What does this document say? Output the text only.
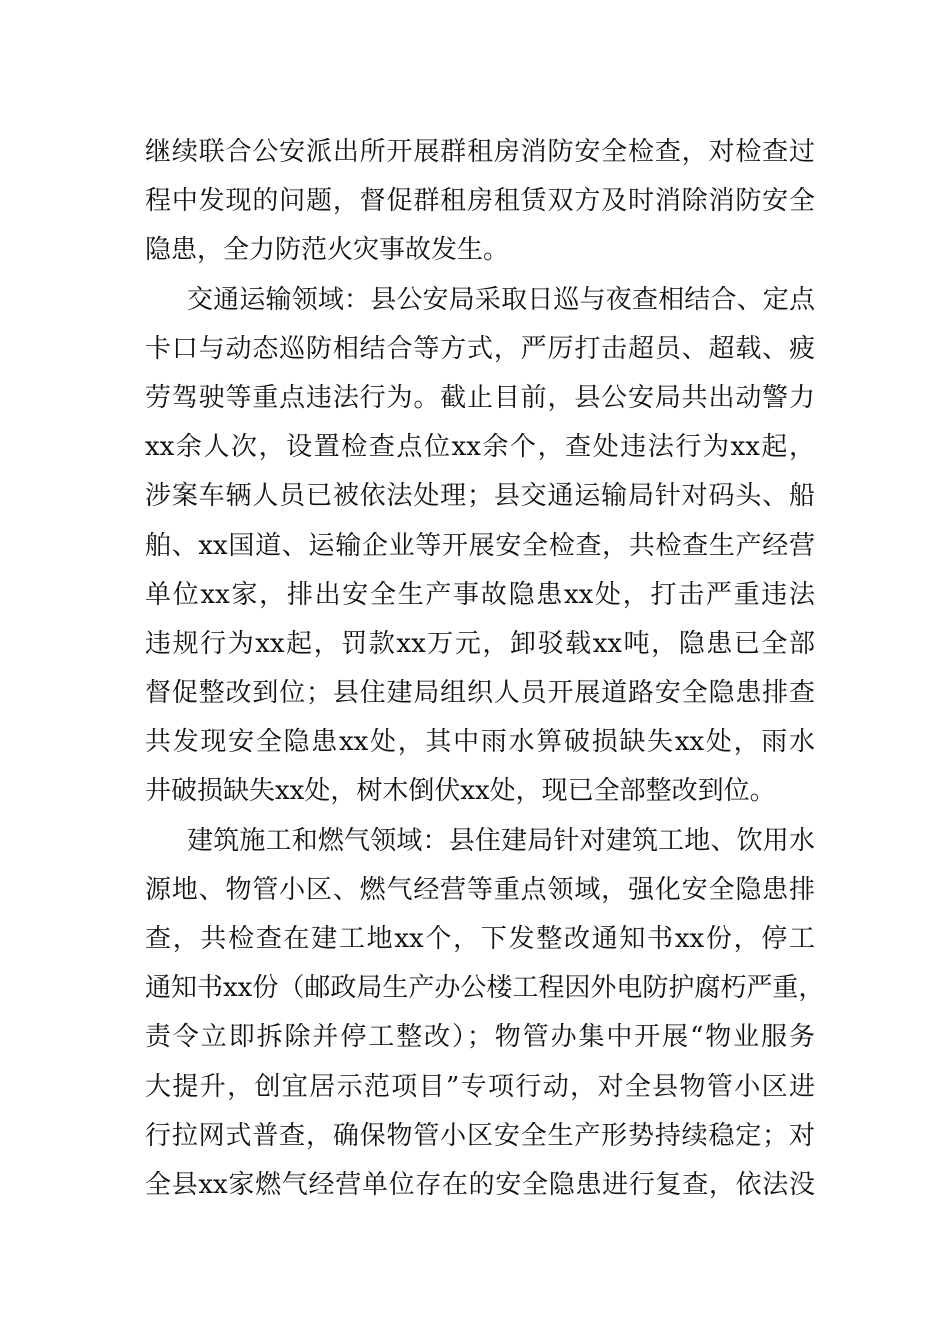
继续联合公安派出所开展群租房消防安全检查，对检查过
程中发现的问题，督促群租房租赁双方及时消除消防安全
隐患，全力防范火灾事故发生。
交通运输领域：县公安局采取日巡与夜查相结合、定点
卡口与动态巡防相结合等方式，严厉打击超员、超载、疲
劳驾驶等重点违法行为。截止目前，县公安局共出动警力
xx余人次，设置检查点位xx余个，查处违法行为xx起，
涉案车辆人员已被依法处理；县交通运输局针对码头、船
舶、xx国道、运输企业等开展安全检查，共检查生产经营
单位xx家，排出安全生产事故隐患xx处，打击严重违法
违规行为xx起，罚款xx万元，卸驳载xx吨，隐患已全部
督促整改到位；县住建局组织人员开展道路安全隐患排查
共发现安全隐患xx处，其中雨水箅破损缺失xx处，雨水
井破损缺失xx处，树木倒伏xx处，现已全部整改到位。
建筑施工和燃气领域：县住建局针对建筑工地、饮用水
源地、物管小区、燃气经营等重点领域，强化安全隐患排
查，共检查在建工地xx个，下发整改通知书xx份，停工
通知书xx份（邮政局生产办公楼工程因外电防护腐朽严重，
责令立即拆除并停工整改）；物管办集中开展“物业服务
大提升，创宜居示范项目”专项行动，对全县物管小区进
行拉网式普查，确保物管小区安全生产形势持续稳定；对
全县xx家燃气经营单位存在的安全隐患进行复查，依法没
